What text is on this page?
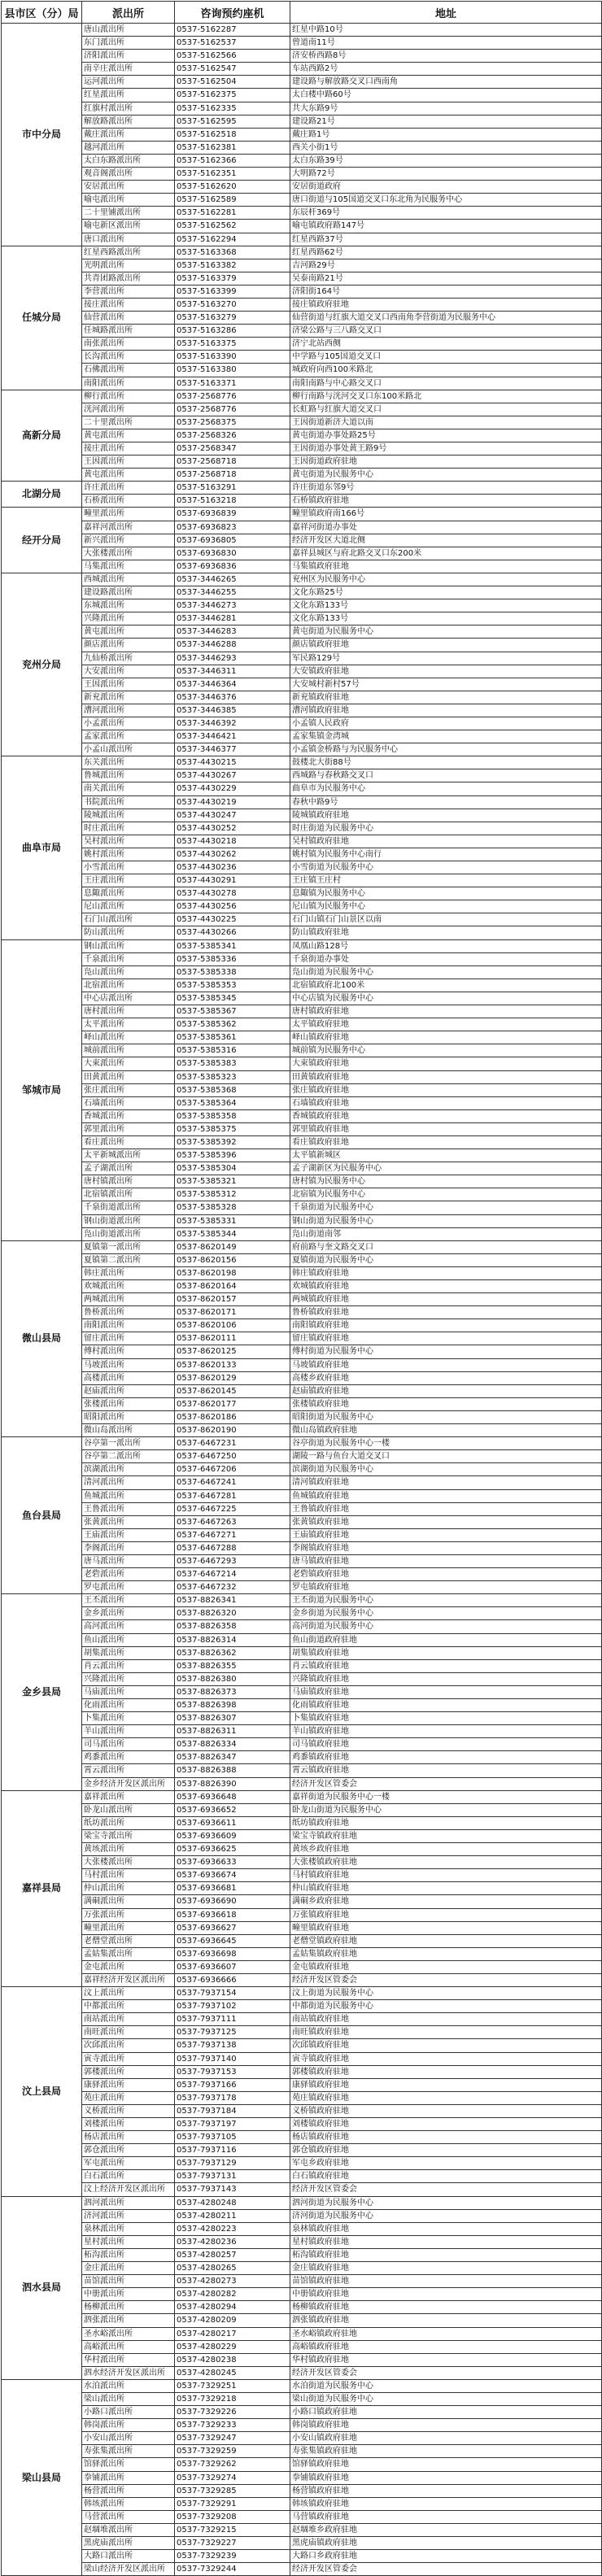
县市区（分）局	派出所	咨询预约座机	地址
市中分局	唐山派出所	0537-5162287	红星中路10号
	东门派出所	0537-5162537	曾道南11号
	济阳派出所	0537-5162566	济安桥西路8号
	南辛庄派出所	0537-5162547	车站西路2号
	运河派出所	0537-5162504	建设路与解放路交叉口西南角
	红星派出所	0537-5162375	太白楼中路60号
	红旗村派出所	0537-5162335	共大东路9号
	解放路派出所	0537-5162595	建设路21号
	戴庄派出所	0537-5162518	戴庄路1号
	越河派出所	0537-5162381	西关小街1号
	太白东路派出所	0537-5162366	太白东路39号
	观音阁派出所	0537-5162351	大明路72号
	安居派出所	0537-5162620	安居街道政府
	喻屯派出所	0537-5162589	唐口街道与105国道交叉口东北角为民服务中心
	二十里铺派出所	0537-5162281	东辰杆369号
	喻屯新区派出所	0537-5162562	喻屯镇政府路147号
	唐口派出所	0537-5162294	红星西路37号
任城分局	红星西路派出所	0537-5163368	红星西路62号
	光明派出所	0537-5163382	吉河路29号
	共青团路派出所	0537-5163379	吴泰南路21号
	李营派出所	0537-5163399	济阳街164号
	接庄派出所	0537-5163270	接庄镇政府驻地
	仙营派出所	0537-5163279	仙营街道与红旗大道交叉口西南角李营街道为民服务中心
	任城路派出所	0537-5163286	济梁公路与三八路交叉口
	南张派出所	0537-5163375	济宁北站西侧
	长沟派出所	0537-5163390	中学路与105国道交叉口
	石佛派出所	0537-5163380	城政府向西100米路北
	南阳派出所	0537-5163371	南阳南路与中心路交叉口
高新分局	柳行派出所	0537-2568776	柳行南路与洸河交叉口东100米路北
	洸河派出所	0537-2568776	长虹路与红旗大道交叉口
	二十里派出所	0537-2568375	王因街道新济大道以南
	黄屯派出所	0537-2568326	黄屯街道办事处路25号
	接庄派出所	0537-2568347	王因街道办事处黄王路9号
	王因派出所	0537-2568718	王因街道政府驻地
	黄屯派出所	0537-2568718	黄屯街道为民服务中心
北湖分局	许庄派出所	0537-5163291	许庄街道东邻9号
	石桥派出所	0537-5163218	石桥镇政府驻地
经开分局	疃里派出所	0537-6936839	疃里镇政府南166号
	嘉祥河派出所	0537-6936823	嘉祥河街道办事处
	新兴派出所	0537-6936805	经济开发区大道北侧
	大张楼派出所	0537-6936830	嘉祥县城区与府北路交叉口东200米
	马集派出所	0537-6936836	马集镇政府驻地
兖州分局	西城派出所	0537-3446265	兖州区为民服务中心
	建设路派出所	0537-3446255	文化东路25号
	东城派出所	0537-3446273	文化东路133号
	兴隆派出所	0537-3446281	文化东路133号
	黄屯派出所	0537-3446283	黄屯街道为民服务中心
	颜店派出所	0537-3446288	颜店镇政府驻地
	九仙桥派出所	0537-3446293	军民路129号
	大安派出所	0537-3446311	大安镇政府驻地
	王因派出所	0537-3446364	大安城村新村57号
	新兖派出所	0537-3446376	新兖镇政府驻地
	漕河派出所	0537-3446385	漕河镇政府驻地
	小孟派出所	0537-3446392	小孟镇人民政府
	孟家派出所	0537-3446421	孟家集镇金湾城
	小孟山派出所	0537-3446377	小孟镇金桥路与为民服务中心
曲阜市局	东关派出所	0537-4430215	鼓楼北大街88号
	鲁城派出所	0537-4430267	西城路与春秋路交叉口
	南关派出所	0537-4430229	曲阜市为民服务中心
	书院派出所	0537-4430219	春秋中路9号
	陵城派出所	0537-4430247	陵城镇政府驻地
	时庄派出所	0537-4430252	时庄街道为民服务中心
	吴村派出所	0537-4430218	吴村镇政府驻地
	姚村派出所	0537-4430262	姚村镇为民服务中心南行
	小雪派出所	0537-4430236	小雪街道为民服务中心
	王庄派出所	0537-4430291	王庄镇王庄村
	息陬派出所	0537-4430278	息陬镇为民服务中心
	尼山派出所	0537-4430256	尼山镇为民服务中心
	石门山派出所	0537-4430225	石门山镇石门山景区以南
	防山派出所	0537-4430266	防山镇政府驻地
邹城市局	钢山派出所	0537-5385341	凤凰山路128号
	千泉派出所	0537-5385336	千泉街道办事处
	凫山派出所	0537-5385338	凫山街道为民服务中心
	北宿派出所	0537-5385353	北宿镇政府北100米
	中心店派出所	0537-5385345	中心店镇为民服务中心
	唐村派出所	0537-5385367	唐村镇政府驻地
	太平派出所	0537-5385362	太平镇政府驻地
	峄山派出所	0537-5385361	峄山镇政府驻地
	城前派出所	0537-5385316	城前镇为民服务中心
	大束派出所	0537-5385383	大束镇政府驻地
	田黄派出所	0537-5385323	田黄镇政府驻地
	张庄派出所	0537-5385368	张庄镇政府驻地
	石墙派出所	0537-5385364	石墙镇政府驻地
	香城派出所	0537-5385358	香城镇政府驻地
	郭里派出所	0537-5385375	郭里镇政府驻地
	看庄派出所	0537-5385392	看庄镇政府驻地
	太平新城派出所	0537-5385396	太平镇新城区
	孟子湖派出所	0537-5385304	孟子湖新区为民服务中心
	唐村镇派出所	0537-5385321	唐村镇为民服务中心
	北宿镇派出所	0537-5385312	北宿镇为民服务中心
	千泉街道派出所	0537-5385328	千泉街道为民服务中心
	钢山街道派出所	0537-5385331	钢山街道为民服务中心
	凫山街道派出所	0537-5385344	凫山街道南邻
微山县局	夏镇第一派出所	0537-8620149	府前路与奎文路交叉口
	夏镇第二派出所	0537-8620156	夏镇街道为民服务中心
	韩庄派出所	0537-8620198	韩庄镇政府驻地
	欢城派出所	0537-8620164	欢城镇政府驻地
	两城派出所	0537-8620157	两城镇政府驻地
	鲁桥派出所	0537-8620171	鲁桥镇政府驻地
	南阳派出所	0537-8620106	南阳镇政府驻地
	留庄派出所	0537-8620111	留庄镇政府驻地
	傅村派出所	0537-8620125	傅村街道为民服务中心
	马坡派出所	0537-8620133	马坡镇政府驻地
	高楼派出所	0537-8620129	高楼乡政府驻地
	赵庙派出所	0537-8620145	赵庙镇政府驻地
	张楼派出所	0537-8620177	张楼镇政府驻地
	昭阳派出所	0537-8620186	昭阳街道为民服务中心
	微山岛派出所	0537-8620190	微山岛镇政府驻地
鱼台县局	谷亭第一派出所	0537-6467231	谷亭街道为民服务中心一楼
	谷亭第二派出所	0537-6467250	湖陵一路与鱼台大道交叉口
	滨湖派出所	0537-6467206	滨湖街道为民服务中心
	清河派出所	0537-6467241	清河镇政府驻地
	鱼城派出所	0537-6467281	鱼城镇政府驻地
	王鲁派出所	0537-6467225	王鲁镇政府驻地
	张黄派出所	0537-6467263	张黄镇政府驻地
	王庙派出所	0537-6467271	王庙镇政府驻地
	李阁派出所	0537-6467288	李阁镇政府驻地
	唐马派出所	0537-6467293	唐马镇政府驻地
	老砦派出所	0537-6467214	老砦镇政府驻地
	罗屯派出所	0537-6467232	罗屯镇政府驻地
金乡县局	王丕派出所	0537-8826341	王丕街道为民服务中心
	金乡派出所	0537-8826320	金乡街道为民服务中心
	高河派出所	0537-8826358	高河街道为民服务中心
	鱼山派出所	0537-8826314	鱼山街道政府驻地
	胡集派出所	0537-8826362	胡集镇政府驻地
	肖云派出所	0537-8826355	肖云镇政府驻地
	兴隆派出所	0537-8826380	兴隆镇政府驻地
	马庙派出所	0537-8826373	马庙镇政府驻地
	化雨派出所	0537-8826398	化雨镇政府驻地
	卜集派出所	0537-8826307	卜集镇政府驻地
	羊山派出所	0537-8826311	羊山镇政府驻地
	司马派出所	0537-8826334	司马镇政府驻地
	鸡黍派出所	0537-8826347	鸡黍镇政府驻地
	霄云派出所	0537-8826388	霄云镇政府驻地
	金乡经济开发区派出所	0537-8826390	经济开发区管委会
嘉祥县局	嘉祥派出所	0537-6936648	嘉祥街道为民服务中心一楼
	卧龙山派出所	0537-6936652	卧龙山街道为民服务中心
	纸坊派出所	0537-6936611	纸坊镇政府驻地
	梁宝寺派出所	0537-6936609	梁宝寺镇政府驻地
	黄垓派出所	0537-6936625	黄垓乡政府驻地
	大张楼派出所	0537-6936633	大张楼镇政府驻地
	马村派出所	0537-6936674	马村镇政府驻地
	仲山派出所	0537-6936681	仲山镇政府驻地
	满硐派出所	0537-6936690	满硐乡政府驻地
	万张派出所	0537-6936618	万张镇政府驻地
	疃里派出所	0537-6936627	疃里镇政府驻地
	老僧堂派出所	0537-6936645	老僧堂镇政府驻地
	孟姑集派出所	0537-6936698	孟姑集镇政府驻地
	金屯派出所	0537-6936607	金屯镇政府驻地
	嘉祥经济开发区派出所	0537-6936666	经济开发区管委会
汶上县局	汶上派出所	0537-7937154	汶上街道为民服务中心
	中都派出所	0537-7937102	中都街道为民服务中心
	南站派出所	0537-7937111	南站镇政府驻地
	南旺派出所	0537-7937125	南旺镇政府驻地
	次邱派出所	0537-7937138	次邱镇政府驻地
	寅寺派出所	0537-7937140	寅寺镇政府驻地
	郭楼派出所	0537-7937153	郭楼镇政府驻地
	康驿派出所	0537-7937166	康驿镇政府驻地
	苑庄派出所	0537-7937178	苑庄镇政府驻地
	义桥派出所	0537-7937184	义桥镇政府驻地
	刘楼派出所	0537-7937197	刘楼镇政府驻地
	杨店派出所	0537-7937105	杨店镇政府驻地
	郭仓派出所	0537-7937116	郭仓镇政府驻地
	军屯派出所	0537-7937129	军屯乡政府驻地
	白石派出所	0537-7937131	白石镇政府驻地
	汶上经济开发区派出所	0537-7937143	经济开发区管委会
泗水县局	泗河派出所	0537-4280248	泗河街道为民服务中心
	济河派出所	0537-4280211	济河街道为民服务中心
	泉林派出所	0537-4280223	泉林镇政府驻地
	星村派出所	0537-4280236	星村镇政府驻地
	柘沟派出所	0537-4280257	柘沟镇政府驻地
	金庄派出所	0537-4280265	金庄镇政府驻地
	苗馆派出所	0537-4280273	苗馆镇政府驻地
	中册派出所	0537-4280282	中册镇政府驻地
	杨柳派出所	0537-4280294	杨柳镇政府驻地
	泗张派出所	0537-4280209	泗张镇政府驻地
	圣水峪派出所	0537-4280217	圣水峪镇政府驻地
	高峪派出所	0537-4280229	高峪镇政府驻地
	华村派出所	0537-4280238	华村镇政府驻地
	泗水经济开发区派出所	0537-4280245	经济开发区管委会
梁山县局	水泊派出所	0537-7329251	水泊街道为民服务中心
	梁山派出所	0537-7329218	梁山街道为民服务中心
	小路口派出所	0537-7329226	小路口镇政府驻地
	韩岗派出所	0537-7329233	韩岗镇政府驻地
	小安山派出所	0537-7329247	小安山镇政府驻地
	寿张集派出所	0537-7329259	寿张集镇政府驻地
	馆驿派出所	0537-7329262	馆驿镇政府驻地
	拳铺派出所	0537-7329274	拳铺镇政府驻地
	杨营派出所	0537-7329285	杨营镇政府驻地
	韩垓派出所	0537-7329291	韩垓镇政府驻地
	马营派出所	0537-7329208	马营镇政府驻地
	赵堌堆派出所	0537-7329215	赵堌堆乡政府驻地
	黑虎庙派出所	0537-7329227	黑虎庙镇政府驻地
	大路口派出所	0537-7329239	大路口乡政府驻地
	梁山经济开发区派出所	0537-7329244	经济开发区管委会
